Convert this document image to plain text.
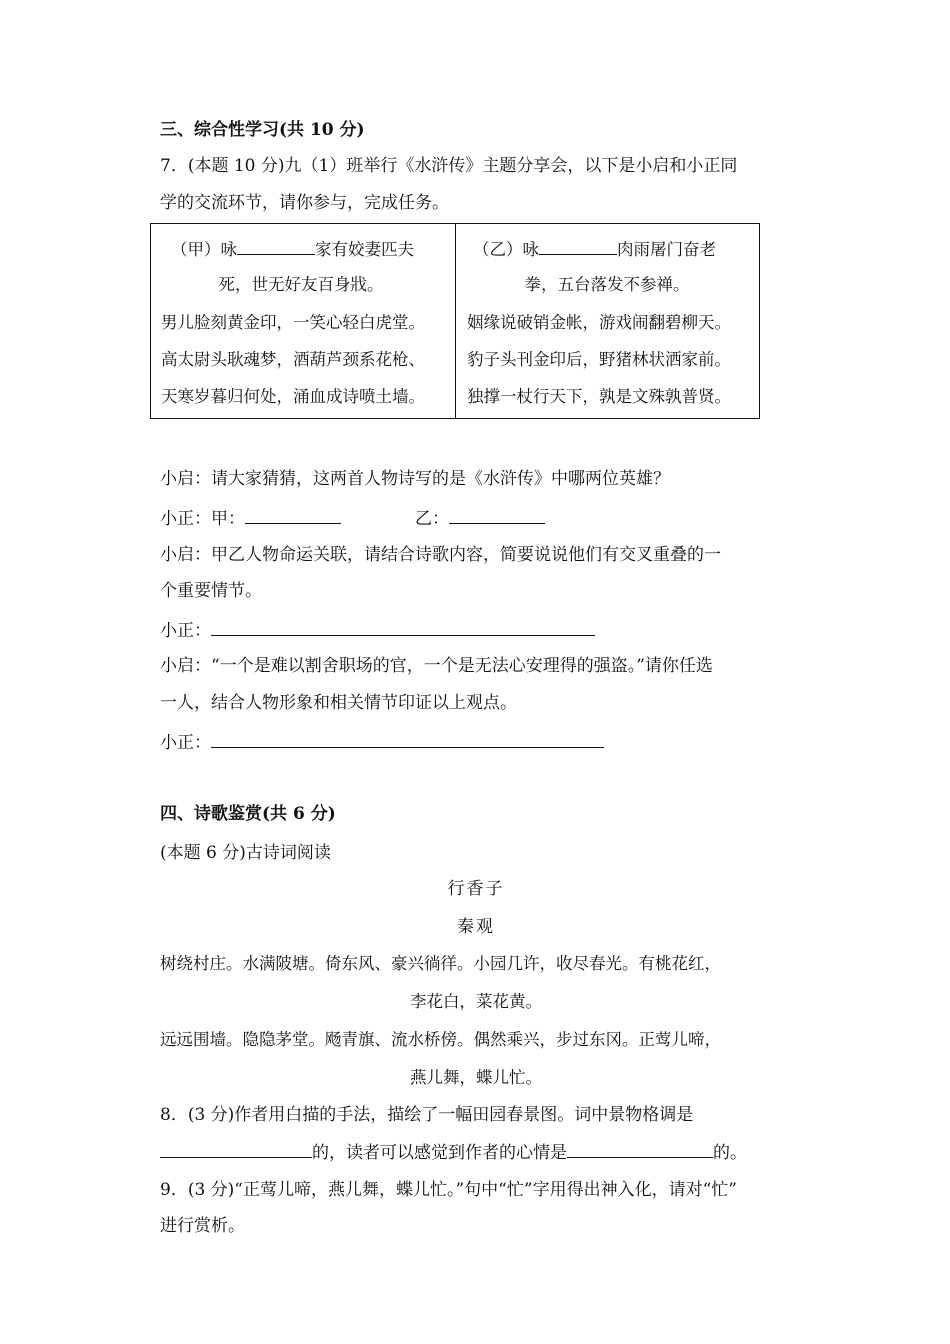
三、综合性学习(共 10 分)
7．(本题 10 分)九（1）班举行《水浒传》主题分享会，以下是小启和小正同
学的交流环节，请你参与，完成任务。
（甲）咏	家有姣妻匹夫
死，世无好友百身戕。
男儿脸刻黄金印，一笑心轻白虎堂。
高太尉头耿魂梦，酒葫芦颈系花枪、
天寒岁暮归何处，涌血成诗喷土墙。
（乙）咏	肉雨屠门奋老
拳，五台落发不参禅。
姻缘说破销金帐，游戏闹翻碧柳天。
豹子头刊金印后，野猪林状洒家前。
独撑一杖行天下，孰是文殊孰普贤。
小启：请大家猜猜，这两首人物诗写的是《水浒传》中哪两位英雄？
小正：甲：	乙：
小启：甲乙人物命运关联，请结合诗歌内容，简要说说他们有交叉重叠的一
个重要情节。
小正：
小启：“一个是难以割舍职场的官，一个是无法心安理得的强盗。”请你任选
一人，结合人物形象和相关情节印证以上观点。
小正：
四、诗歌鉴赏(共 6 分)
(本题 6 分)古诗词阅读
行香子
秦观
树绕村庄。水满陂塘。倚东风、豪兴徜徉。小园几许，收尽春光。有桃花红，
李花白，菜花黄。
远远围墙。隐隐茅堂。飏青旗、流水桥傍。偶然乘兴，步过东冈。正莺儿啼，
燕儿舞，蝶儿忙。
8．(3 分)作者用白描的手法，描绘了一幅田园春景图。词中景物格调是
的，读者可以感觉到作者的心情是	的。
9．(3 分)“正莺儿啼，燕儿舞，蝶儿忙。”句中“忙”字用得出神入化，请对“忙”
进行赏析。
